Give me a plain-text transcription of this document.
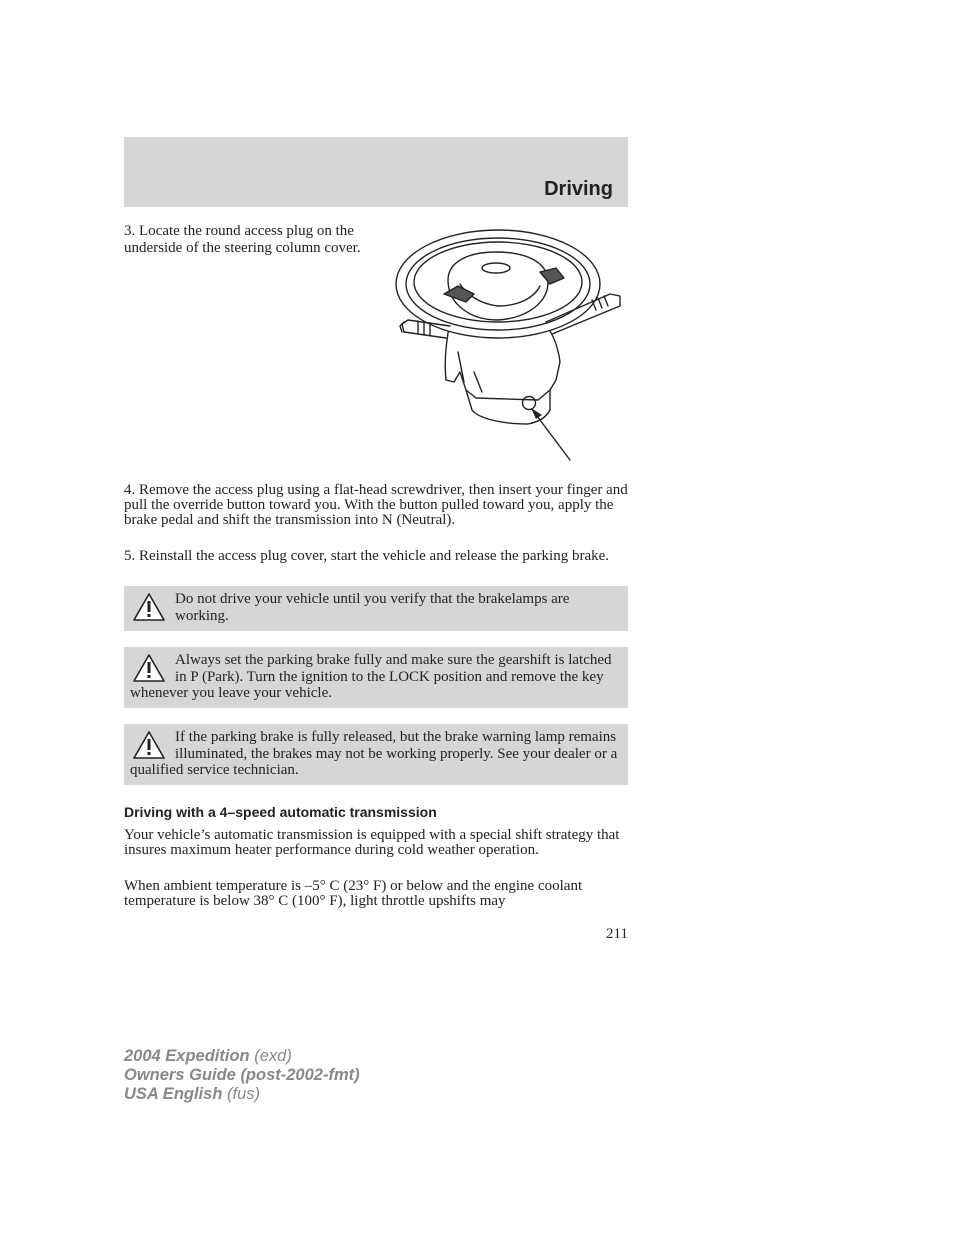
Driving

3. Locate the round access plug on the underside of the steering column cover.

4. Remove the access plug using a flat-head screwdriver, then insert your finger and pull the override button toward you. With the button pulled toward you, apply the brake pedal and shift the transmission into N (Neutral).

5. Reinstall the access plug cover, start the vehicle and release the parking brake.

Do not drive your vehicle until you verify that the brakelamps are working.
Always set the parking brake fully and make sure the gearshift is latched in P (Park). Turn the ignition to the LOCK position and remove the key whenever you leave your vehicle.
If the parking brake is fully released, but the brake warning lamp remains illuminated, the brakes may not be working properly. See your dealer or a qualified service technician.
Driving with a 4–speed automatic transmission

Your vehicle’s automatic transmission is equipped with a special shift strategy that insures maximum heater performance during cold weather operation.

When ambient temperature is –5° C (23° F) or below and the engine coolant temperature is below 38° C (100° F), light throttle upshifts may

211
2004 Expedition (exd)
Owners Guide (post-2002-fmt)
USA English (fus)
